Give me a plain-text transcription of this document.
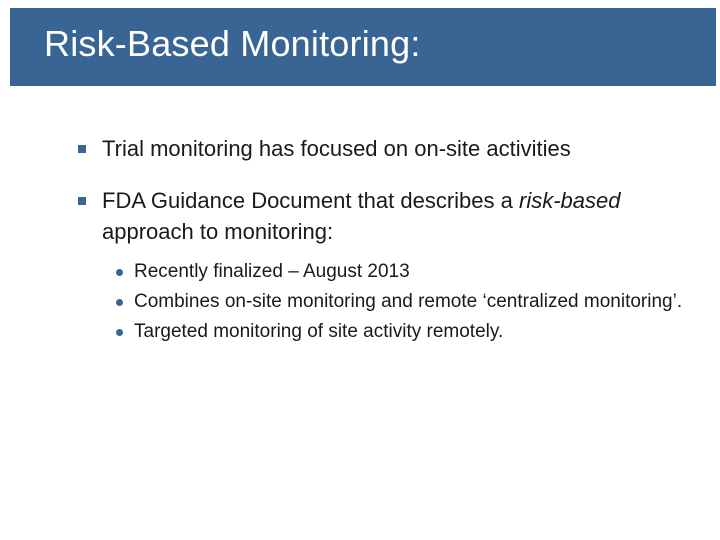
Risk-Based Monitoring:
Trial monitoring has focused on on-site activities
FDA Guidance Document that describes a risk-based approach to monitoring:
Recently finalized – August 2013
Combines on-site monitoring and remote ‘centralized monitoring’.
Targeted monitoring of site activity remotely.
